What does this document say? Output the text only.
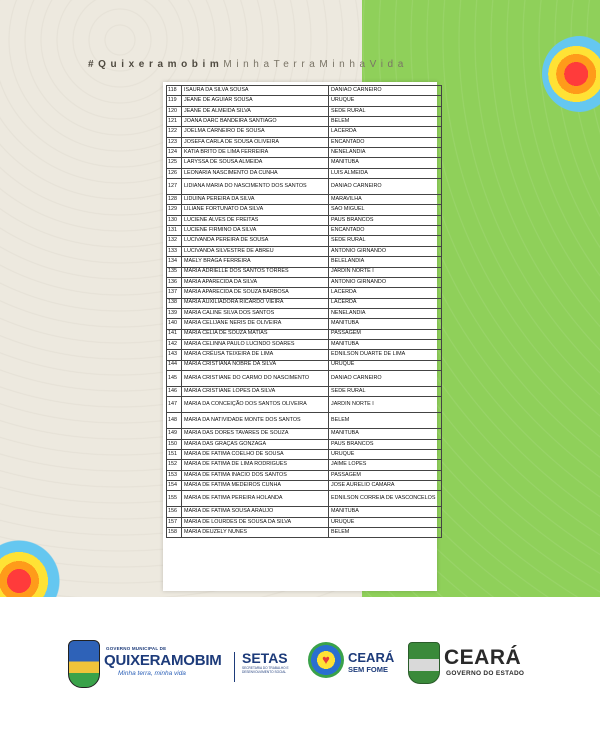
#QuixeramobimMinhaTerraMinhaVida
118	ISAURA DA SILVA SOUSA	DANIAO CARNEIRO
119	JEANE DE AGUIAR SOUSA	URUQUE
120	JEANE DE ALMEIDA SILVA	SEDE RURAL
121	JOANA DARC BANDEIRA SANTIAGO	BELEM
122	JOELMA CARNEIRO DE SOUSA	LACERDA
123	JOSEFA CARLA DE SOUSA OLIVEIRA	ENCANTADO
124	KATIA BRITO DE LIMA FERREIRA	NENELANDIA
125	LARYSSA DE SOUSA ALMEIDA	MANITUBA
126	LEONARIA NASCIMENTO DA CUNHA	LUIS ALMEIDA
127	LIDIANA MARIA DO NASCIMENTO DOS SANTOS	DANIAO CARNEIRO
128	LIDUINA PEREIRA DA SILVA	MARAVILHA
129	LILIANE FORTUNATO DA SILVA	SAO MIGUEL
130	LUCIENE ALVES DE FREITAS	PAUS BRANCOS
131	LUCIENE FIRMINO DA SILVA	ENCANTADO
132	LUCIVANDA PEREIRA DE SOUSA	SEDE RURAL
133	LUCIVANDA SILVESTRE DE ABREU	ANTONIO GIRNANDO
134	MAELY BRAGA FERREIRA	BELELANDIA
135	MARIA ADRIELLE DOS SANTOS TORRES	JARDIN NORTE I
136	MARIA APARECIDA DA SILVA	ANTONIO GIRNANDO
137	MARIA APARECIDA DE SOUZA BARBOSA	LACERDA
138	MARIA AUXILIADORA RICARDO VIEIRA	LACERDA
139	MARIA CALINE SILVA DOS SANTOS	NENELANDIA
140	MARIA CELIJANE NERIS DE OLIVEIRA	MANITUBA
141	MARIA CELIA DE SOUZA MATIAS	PASSAGEM
142	MARIA CELINNA PAULO LUCINDO SOARES	MANITUBA
143	MARIA CRÉUSA TEIXEIRA DE LIMA	EDNILSON DUARTE DE LIMA
144	MARIA CRISTIANA NOBRE DA SILVA	URUQUE
145	MARIA CRISTIANE DO CARMO DO NASCIMENTO	DANIAO CARNEIRO
146	MARIA CRISTIANE LOPES DA SILVA	SEDE RURAL
147	MARIA DA CONCEIÇÃO DOS SANTOS OLIVEIRA	JARDIN NORTE I
148	MARIA DA NATIVIDADE MONTE DOS SANTOS	BELEM
149	MARIA DAS DORES TAVARES DE SOUZA	MANITUBA
150	MARIA DAS GRAÇAS GONZAGA	PAUS BRANCOS
151	MARIA DE FATIMA COELHO DE SOUSA	URUQUE
152	MARIA DE FATIMA DE LIMA RODRIGUES	JAIME LOPES
153	MARIA DE FATIMA INACIO DOS SANTOS	PASSAGEM
154	MARIA DE FATIMA MEDEIROS CUNHA	JOSE AURELIO CAMARA
155	MARIA DE FATIMA PEREIRA HOLANDA	EDNILSON CORREIA DE VASCONCELOS
156	MARIA DE FATIMA SOUSA ARAUJO	MANITUBA
157	MARIA DE LOURDES DE SOUSA DA SILVA	URUQUE
158	MARIA DEUZELY NUNES	BELEM
GOVERNO MUNICIPAL DE
QUIXERAMOBIM
Minha terra, minha vida
SETAS
SECRETARIA DO TRABALHO E DESENVOLVIMENTO SOCIAL
♥ CEARÁ
SEM FOME
CEARÁ
GOVERNO DO ESTADO
